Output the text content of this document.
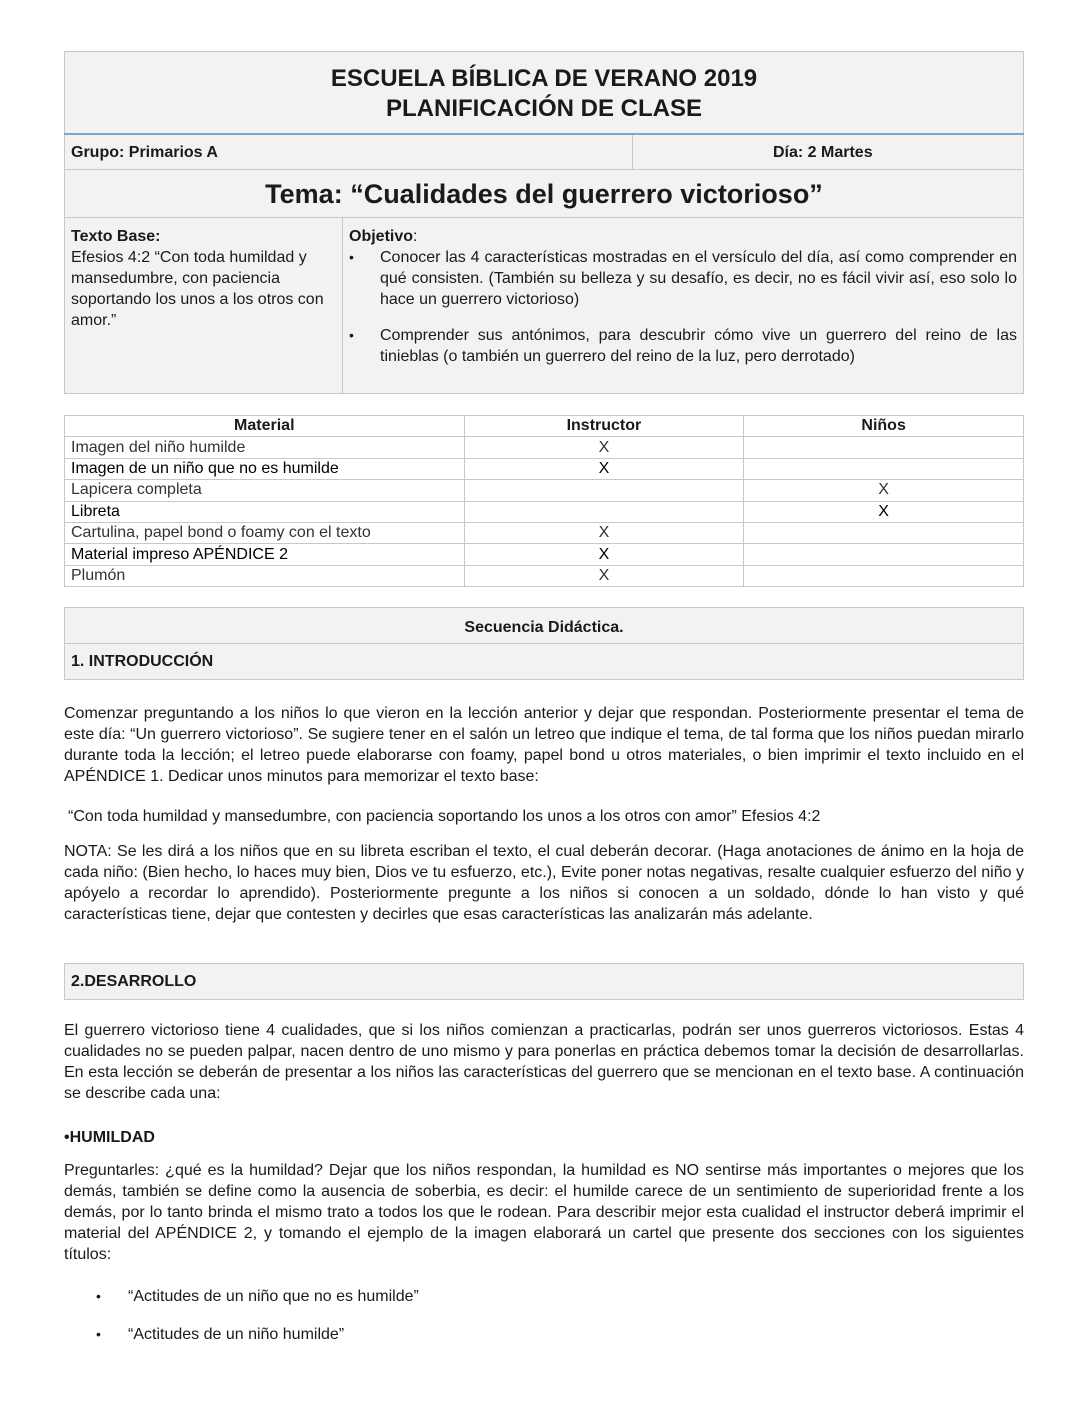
ESCUELA BÍBLICA DE VERANO 2019
PLANIFICACIÓN DE CLASE

Grupo: Primarios A	Día: 2 Martes
Tema: “Cualidades del guerrero victorioso”
Texto Base:
Efesios 4:2 “Con toda humildad y mansedumbre, con paciencia soportando los unos a los otros con amor.”

Objetivo:
• Conocer las 4 características mostradas en el versículo del día, así como comprender en qué consisten. (También su belleza y su desafío, es decir, no es fácil vivir así, eso solo lo hace un guerrero victorioso)
• Comprender sus antónimos, para descubrir cómo vive un guerrero del reino de las tinieblas (o también un guerrero del reino de la luz, pero derrotado)
Material	Instructor	Niños
Imagen del niño humilde	X	
Imagen de un niño que no es humilde	X	
Lapicera completa		X
Libreta		X
Cartulina, papel bond o foamy con el texto	X	
Material impreso APÉNDICE 2	X	
Plumón	X	
Secuencia Didáctica.
1. INTRODUCCIÓN
Comenzar preguntando a los niños lo que vieron en la lección anterior y dejar que respondan. Posteriormente presentar el tema de este día: “Un guerrero victorioso”. Se sugiere tener en el salón un letreo que indique el tema, de tal forma que los niños puedan mirarlo durante toda la lección; el letreo puede elaborarse con foamy, papel bond u otros materiales, o bien imprimir el texto incluido en el APÉNDICE 1. Dedicar unos minutos para memorizar el texto base:
“Con toda humildad y mansedumbre, con paciencia soportando los unos a los otros con amor” Efesios 4:2
NOTA: Se les dirá a los niños que en su libreta escriban el texto, el cual deberán decorar. (Haga anotaciones de ánimo en la hoja de cada niño: (Bien hecho, lo haces muy bien, Dios ve tu esfuerzo, etc.), Evite poner notas negativas, resalte cualquier esfuerzo del niño y apóyelo a recordar lo aprendido). Posteriormente pregunte a los niños si conocen a un soldado, dónde lo han visto y qué características tiene, dejar que contesten y decirles que esas características las analizarán más adelante.
2.DESARROLLO
El guerrero victorioso tiene 4 cualidades, que si los niños comienzan a practicarlas, podrán ser unos guerreros victoriosos. Estas 4 cualidades no se pueden palpar, nacen dentro de uno mismo y para ponerlas en práctica debemos tomar la decisión de desarrollarlas. En esta lección se deberán de presentar a los niños las características del guerrero que se mencionan en el texto base. A continuación se describe cada una:
•HUMILDAD
Preguntarles: ¿qué es la humildad? Dejar que los niños respondan, la humildad es NO sentirse más importantes o mejores que los demás, también se define como la ausencia de soberbia, es decir: el humilde carece de un sentimiento de superioridad frente a los demás, por lo tanto brinda el mismo trato a todos los que le rodean. Para describir mejor esta cualidad el instructor deberá imprimir el material del APÉNDICE 2, y tomando el ejemplo de la imagen elaborará un cartel que presente dos secciones con los siguientes títulos:
• “Actitudes de un niño que no es humilde”
• “Actitudes de un niño humilde”
